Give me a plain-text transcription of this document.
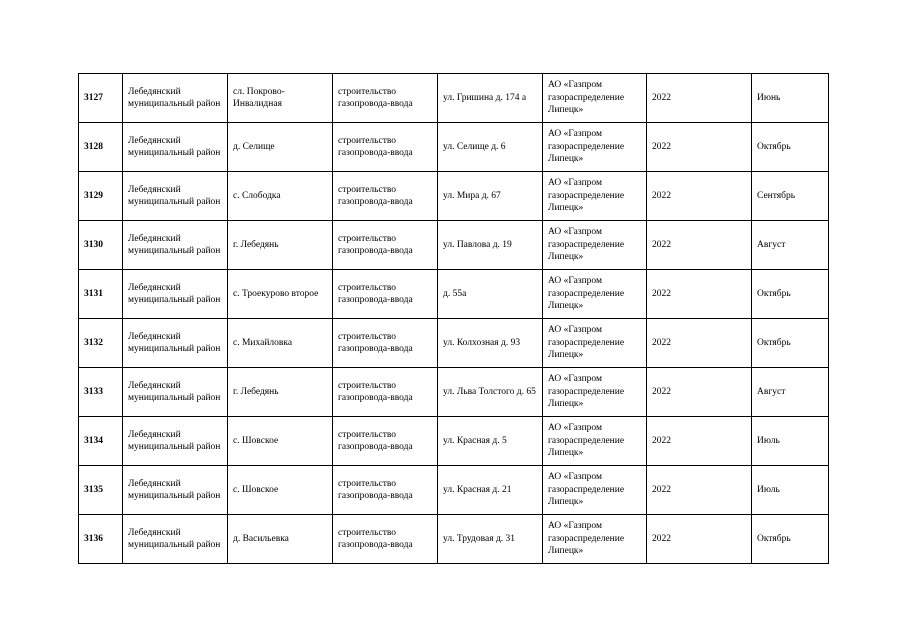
3127	Лебедянский муниципальный район	сл. Покрово-Инвалидная	строительство газопровода-ввода	ул. Гришина д. 174 а	АО «Газпром газораспределение Липецк»	2022	Июнь
3128	Лебедянский муниципальный район	д. Селище	строительство газопровода-ввода	ул. Селище д. 6	АО «Газпром газораспределение Липецк»	2022	Октябрь
3129	Лебедянский муниципальный район	с. Слободка	строительство газопровода-ввода	ул. Мира д. 67	АО «Газпром газораспределение Липецк»	2022	Сентябрь
3130	Лебедянский муниципальный район	г. Лебедянь	строительство газопровода-ввода	ул. Павлова д. 19	АО «Газпром газораспределение Липецк»	2022	Август
3131	Лебедянский муниципальный район	с. Троекурово второе	строительство газопровода-ввода	д. 55а	АО «Газпром газораспределение Липецк»	2022	Октябрь
3132	Лебедянский муниципальный район	с. Михайловка	строительство газопровода-ввода	ул. Колхозная д. 93	АО «Газпром газораспределение Липецк»	2022	Октябрь
3133	Лебедянский муниципальный район	г. Лебедянь	строительство газопровода-ввода	ул. Льва Толстого д. 65	АО «Газпром газораспределение Липецк»	2022	Август
3134	Лебедянский муниципальный район	с. Шовское	строительство газопровода-ввода	ул. Красная д. 5	АО «Газпром газораспределение Липецк»	2022	Июль
3135	Лебедянский муниципальный район	с. Шовское	строительство газопровода-ввода	ул. Красная д. 21	АО «Газпром газораспределение Липецк»	2022	Июль
3136	Лебедянский муниципальный район	д. Васильевка	строительство газопровода-ввода	ул. Трудовая д. 31	АО «Газпром газораспределение Липецк»	2022	Октябрь
